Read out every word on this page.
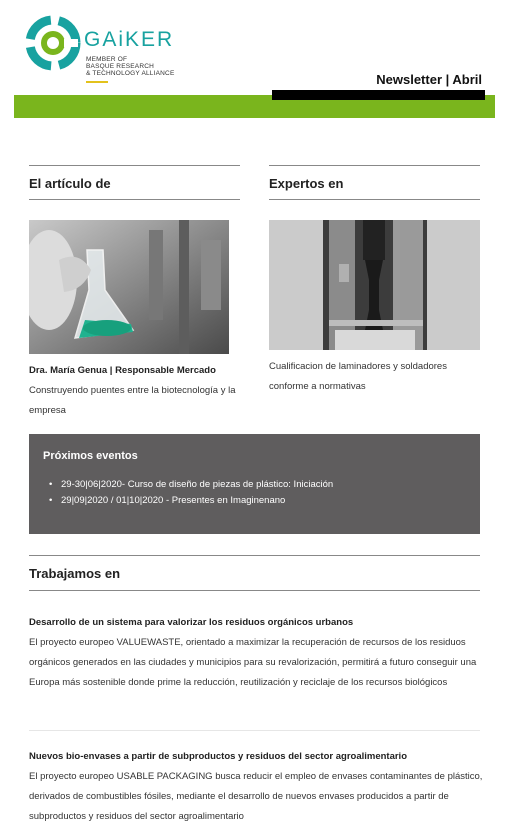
GAiKER
MEMBER OF
BASQUE RESEARCH
& TECHNOLOGY ALLIANCE	Newsletter | Abril
El artículo de
Dra. María Genua | Responsable Mercado
Construyendo puentes entre la biotecnología y la empresa
Expertos en
Cualificacion de laminadores y soldadores conforme a normativas
Próximos eventos
• 29-30|06|2020- Curso de diseño de piezas de plástico: Iniciación
• 29|09|2020 / 01|10|2020 - Presentes en Imaginenano
Trabajamos en
Desarrollo de un sistema para valorizar los residuos orgánicos urbanos
El proyecto europeo VALUEWASTE, orientado a maximizar la recuperación de recursos de los residuos orgánicos generados en las ciudades y municipios para su revalorización, permitirá a futuro conseguir una Europa más sostenible donde prime la reducción, reutilización y reciclaje de los recursos biológicos
Nuevos bio-envases a partir de subproductos y residuos del sector agroalimentario
El proyecto europeo USABLE PACKAGING busca reducir el empleo de envases contaminantes de plástico, derivados de combustibles fósiles, mediante el desarrollo de nuevos envases producidos a partir de subproductos y residuos del sector agroalimentario
